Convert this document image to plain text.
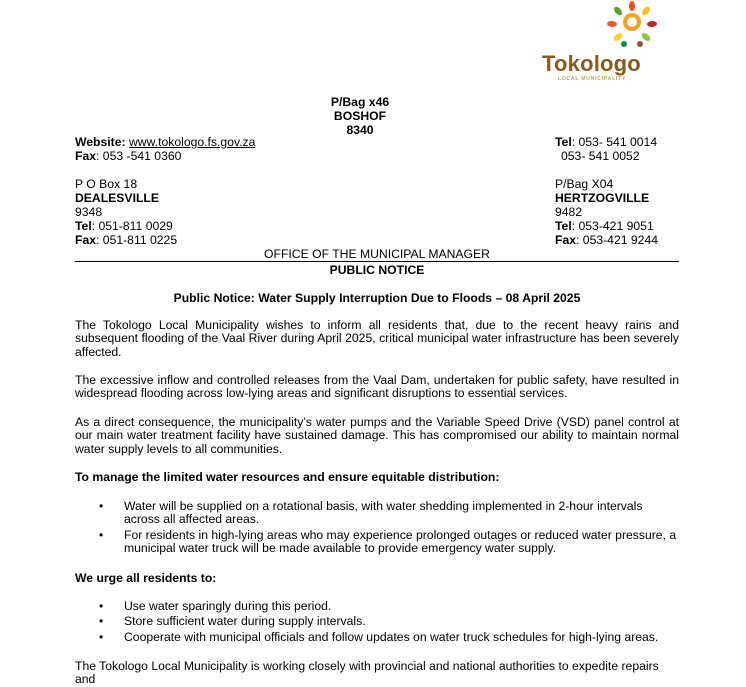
Tokologo
LOCAL MUNICIPALITY
P/Bag x46
BOSHOF
8340
Website: www.tokologo.fs.gov.za
Fax: 053 -541 0360
Tel: 053- 541 0014
053- 541 0052
P O Box 18
DEALESVILLE
9348
Tel: 051-811 0029
Fax: 051-811 0225
P/Bag X04
HERTZOGVILLE
9482
Tel: 053-421 9051
Fax: 053-421 9244
OFFICE OF THE MUNICIPAL MANAGER
PUBLIC NOTICE
Public Notice: Water Supply Interruption Due to Floods – 08 April 2025
The Tokologo Local Municipality wishes to inform all residents that, due to the recent heavy rains and subsequent flooding of the Vaal River during April 2025, critical municipal water infrastructure has been severely affected.
The excessive inflow and controlled releases from the Vaal Dam, undertaken for public safety, have resulted in widespread flooding across low-lying areas and significant disruptions to essential services.
As a direct consequence, the municipality’s water pumps and the Variable Speed Drive (VSD) panel control at our main water treatment facility have sustained damage. This has compromised our ability to maintain normal water supply levels to all communities.
To manage the limited water resources and ensure equitable distribution:
• Water will be supplied on a rotational basis, with water shedding implemented in 2-hour intervals across all affected areas.
• For residents in high-lying areas who may experience prolonged outages or reduced water pressure, a municipal water truck will be made available to provide emergency water supply.
We urge all residents to:
• Use water sparingly during this period.
• Store sufficient water during supply intervals.
• Cooperate with municipal officials and follow updates on water truck schedules for high-lying areas.
The Tokologo Local Municipality is working closely with provincial and national authorities to expedite repairs and
